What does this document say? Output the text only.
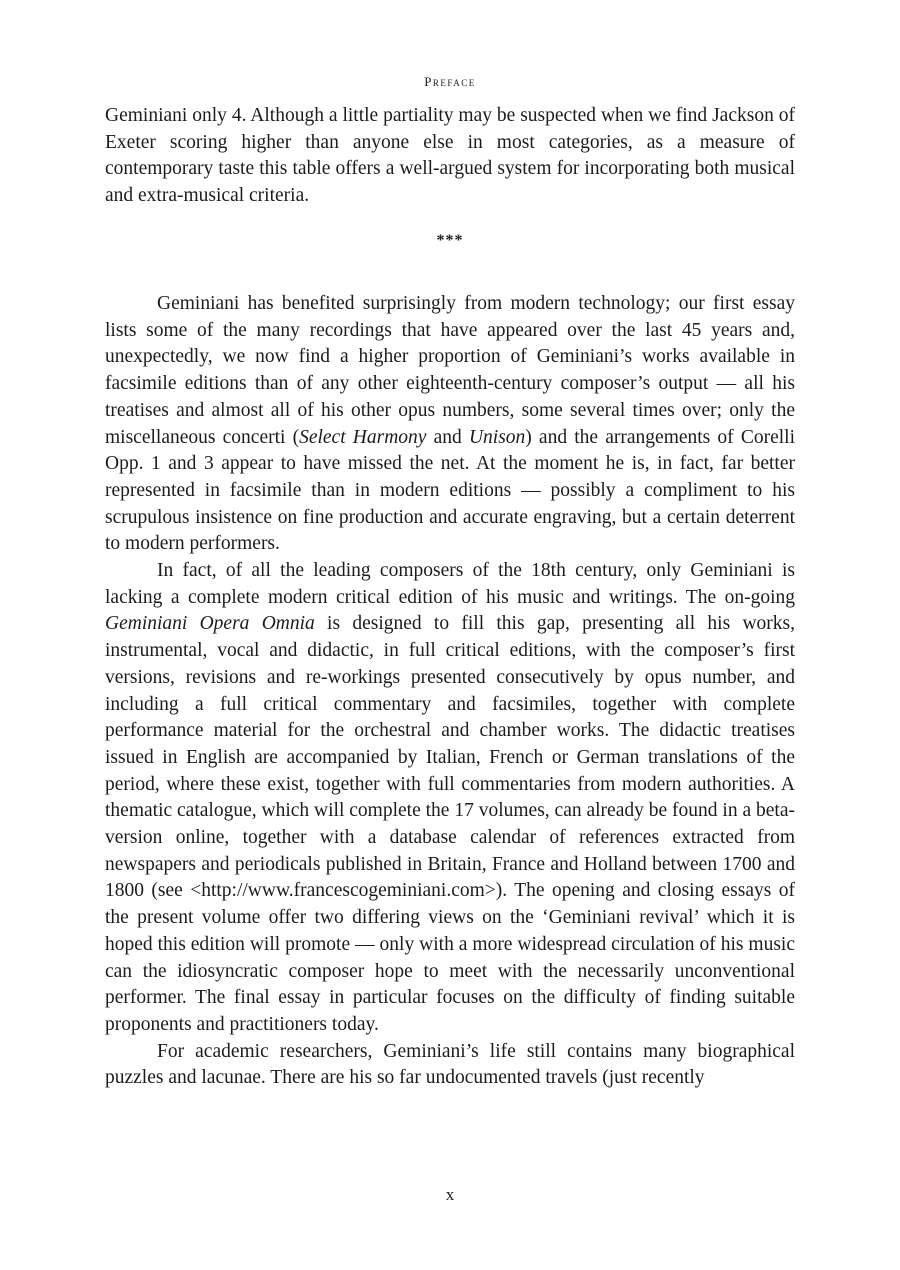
Preface

Geminiani only 4. Although a little partiality may be suspected when we find Jackson of Exeter scoring higher than anyone else in most categories, as a measure of contemporary taste this table offers a well-argued system for incorporating both musical and extra-musical criteria.

***

Geminiani has benefited surprisingly from modern technology; our first essay lists some of the many recordings that have appeared over the last 45 years and, unexpectedly, we now find a higher proportion of Geminiani’s works available in facsimile editions than of any other eighteenth-century composer’s output — all his treatises and almost all of his other opus numbers, some several times over; only the miscellaneous concerti (Select Harmony and Unison) and the arrangements of Corelli Opp. 1 and 3 appear to have missed the net. At the moment he is, in fact, far better represented in facsimile than in modern editions — possibly a compliment to his scrupulous insistence on fine production and accurate engraving, but a certain deterrent to modern performers.

In fact, of all the leading composers of the 18th century, only Geminiani is lacking a complete modern critical edition of his music and writings. The on-going Geminiani Opera Omnia is designed to fill this gap, presenting all his works, instrumental, vocal and didactic, in full critical editions, with the composer’s first versions, revisions and re-workings presented consecutively by opus number, and including a full critical commentary and facsimiles, together with complete performance material for the orchestral and chamber works. The didactic treatises issued in English are accompanied by Italian, French or German translations of the period, where these exist, together with full commentaries from modern authorities. A thematic catalogue, which will complete the 17 volumes, can already be found in a beta-version online, together with a database calendar of references extracted from newspapers and periodicals published in Britain, France and Holland between 1700 and 1800 (see <http://www.francescogeminiani.com>). The opening and closing essays of the present volume offer two differing views on the ‘Geminiani revival’ which it is hoped this edition will promote — only with a more widespread circulation of his music can the idiosyncratic composer hope to meet with the necessarily unconventional performer. The final essay in particular focuses on the difficulty of finding suitable proponents and practitioners today.

For academic researchers, Geminiani’s life still contains many biographical puzzles and lacunae. There are his so far undocumented travels (just recently

x
